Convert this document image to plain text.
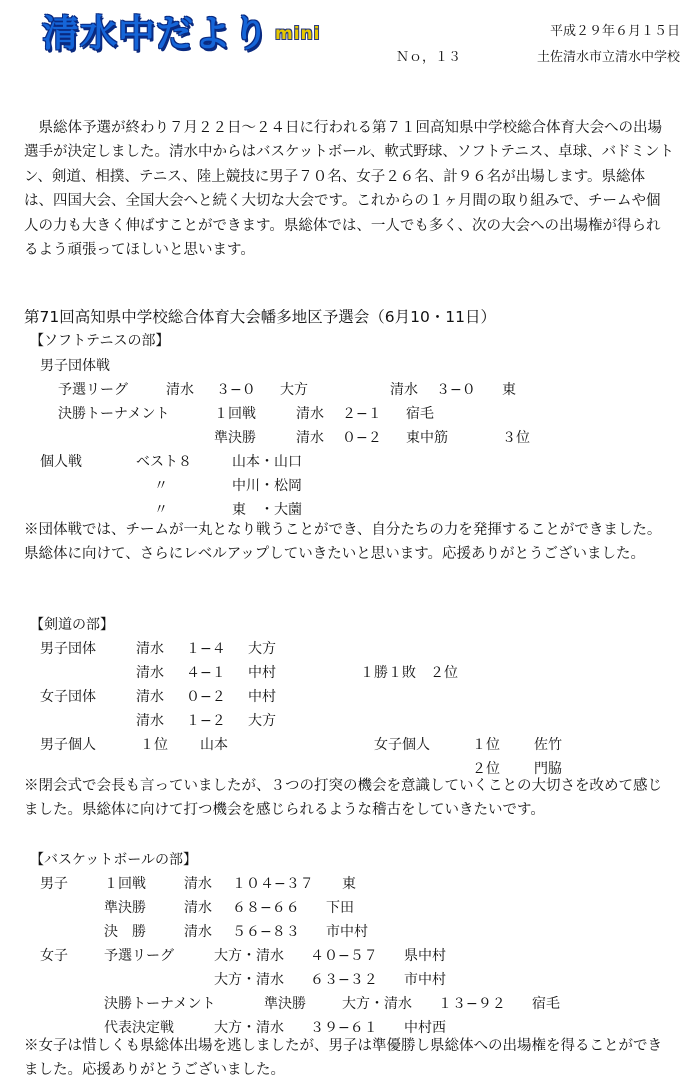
清水中だより mini	平成２９年６月１５日
Ｎｏ，１３	土佐清水市立清水中学校

県総体予選が終わり７月２２日〜２４日に行われる第７１回高知県中学校総合体育大会への出場選手が決定しました。清水中からはバスケットボール、軟式野球、ソフトテニス、卓球、バドミントン、剣道、相撲、テニス、陸上競技に男子７０名、女子２６名、計９６名が出場します。県総体は、四国大会、全国大会へと続く大切な大会です。これからの１ヶ月間の取り組みで、チームや個人の力も大きく伸ばすことができます。県総体では、一人でも多く、次の大会への出場権が得られるよう頑張ってほしいと思います。

第71回高知県中学校総合体育大会幡多地区予選会（6月10・11日）
【ソフトテニスの部】
男子団体戦
予選リーグ	清水 ３−０ 大方	清水 ３−０ 東
決勝トーナメント	１回戦	清水 ２−１ 宿毛
準決勝	清水 ０−２ 東中筋	３位
個人戦	ベスト８	山本・山口
〃	中川・松岡
〃	東　・大薗

※団体戦では、チームが一丸となり戦うことができ、自分たちの力を発揮することができました。県総体に向けて、さらにレベルアップしていきたいと思います。応援ありがとうございました。

【剣道の部】
男子団体	清水 １−４ 大方
清水 ４−１ 中村	１勝１敗　２位
女子団体	清水 ０−２ 中村
清水 １−２ 大方
男子個人	１位 山本	女子個人	１位 佐竹
２位 門脇

※閉会式で会長も言っていましたが、３つの打突の機会を意識していくことの大切さを改めて感じました。県総体に向けて打つ機会を感じられるような稽古をしていきたいです。

【バスケットボールの部】
男子	１回戦	清水 １０４−３７ 東
準決勝	清水 ６８−６６ 下田
決　勝	清水 ５６−８３ 市中村
女子	予選リーグ	大方・清水 ４０−５７ 県中村
大方・清水 ６３−３２ 市中村
決勝トーナメント	準決勝	大方・清水 １３−９２ 宿毛
代表決定戦	大方・清水 ３９−６１ 中村西

※女子は惜しくも県総体出場を逃しましたが、男子は準優勝し県総体への出場権を得ることができました。応援ありがとうございました。
